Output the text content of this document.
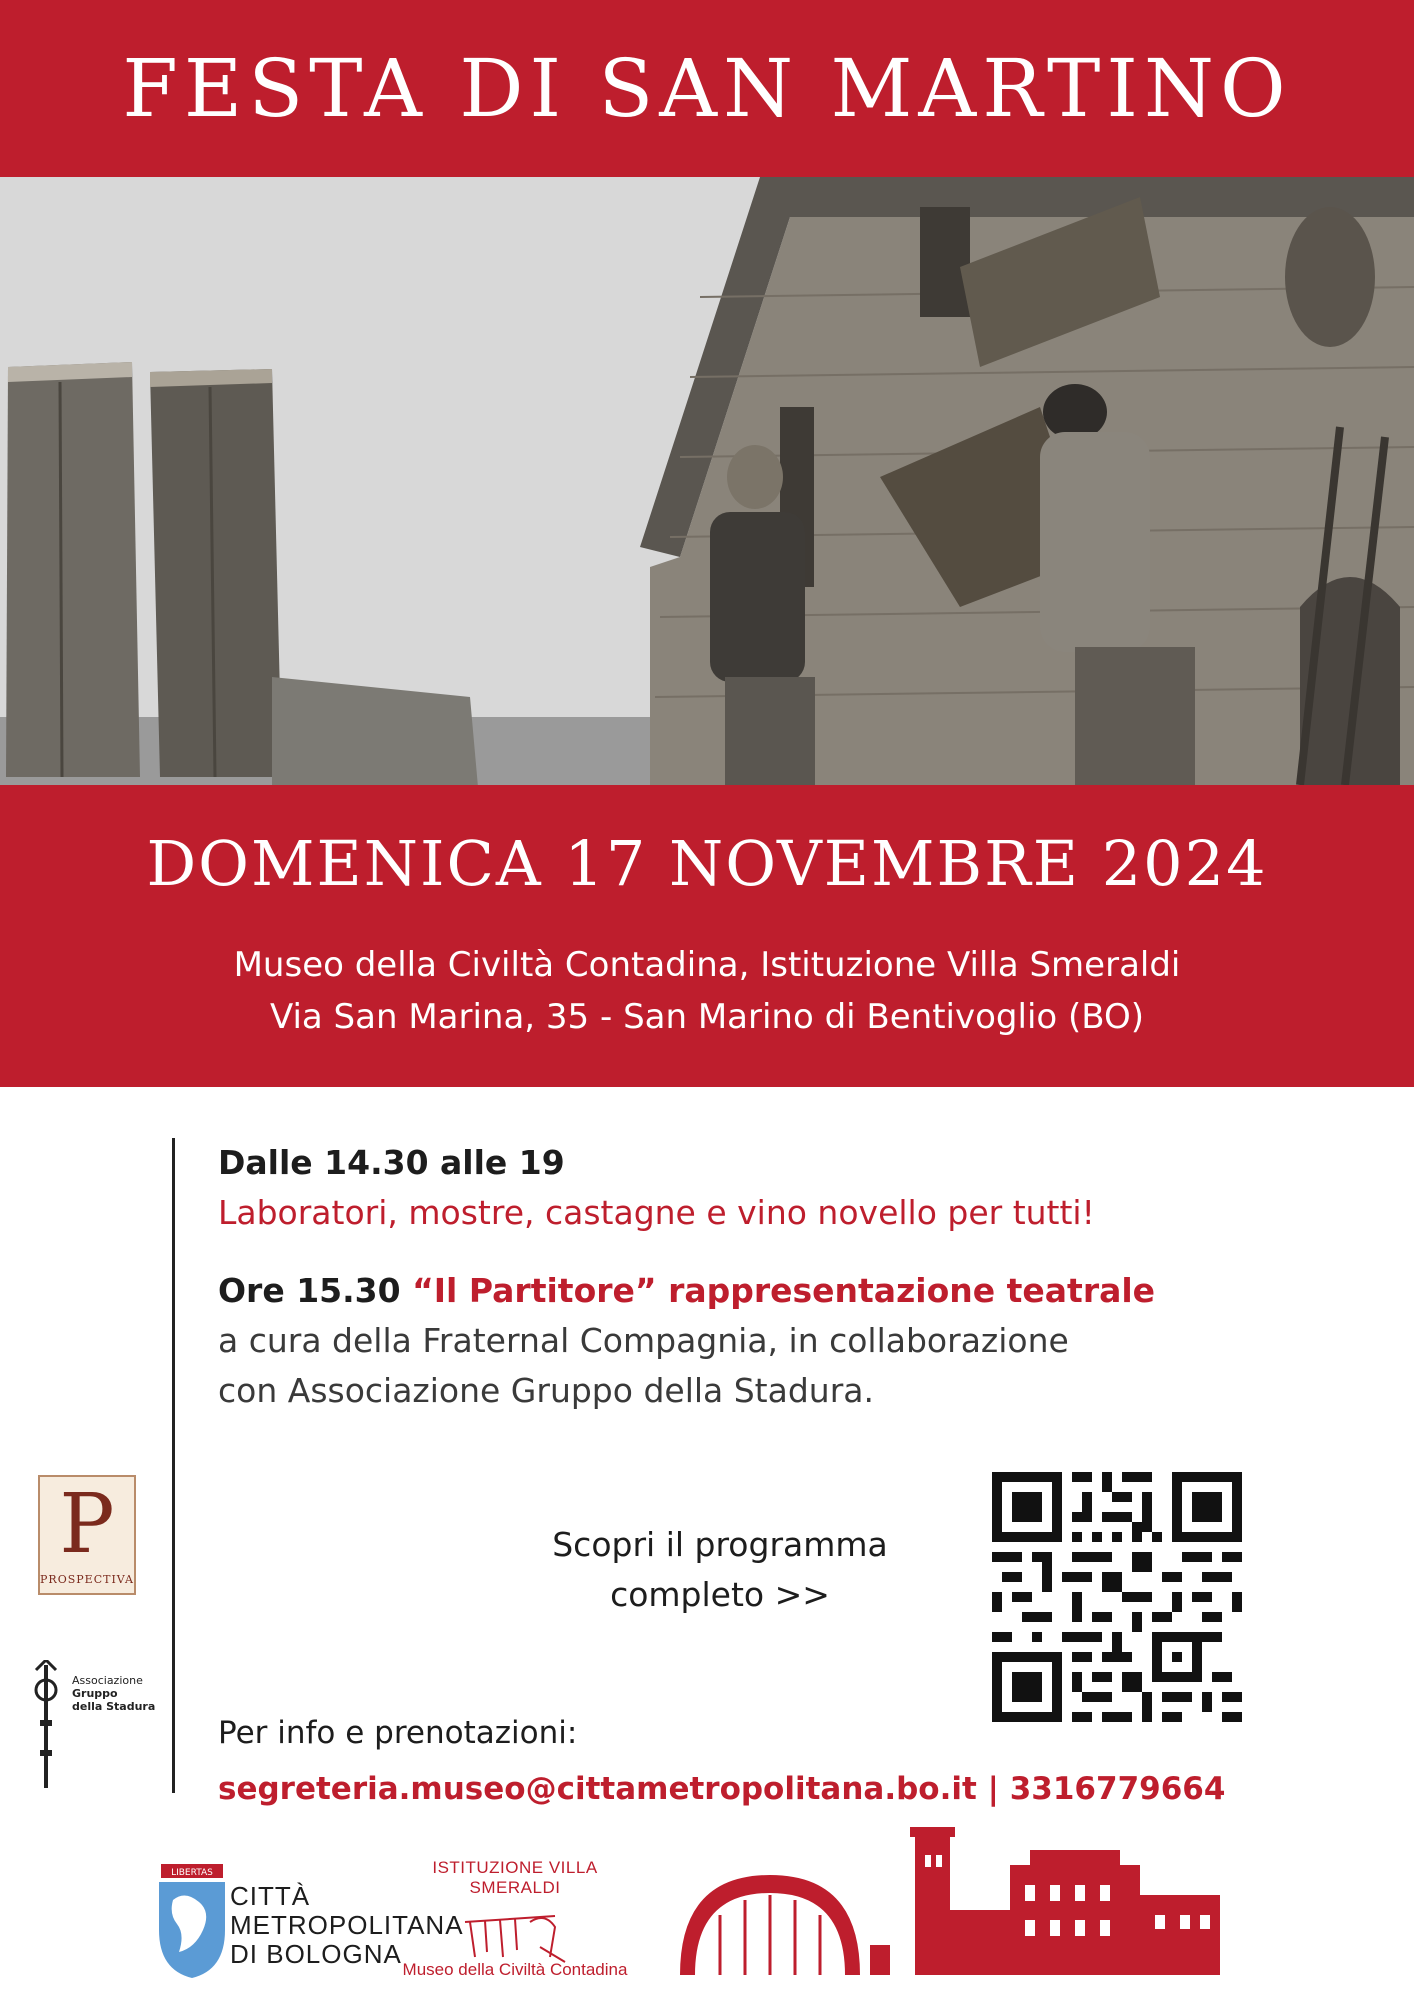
FESTA DI SAN MARTINO
DOMENICA 17 NOVEMBRE 2024
Museo della Civiltà Contadina, Istituzione Villa Smeraldi
Via San Marina, 35 - San Marino di Bentivoglio (BO)
Dalle 14.30 alle 19
Laboratori, mostre, castagne e vino novello per tutti!
Ore 15.30 “Il Partitore” rappresentazione teatrale
a cura della Fraternal Compagnia, in collaborazione
con Associazione Gruppo della Stadura.
Scopri il programma
completo >>
Per info e prenotazioni:
segreteria.museo@cittametropolitana.bo.it | 3316779664
P
PROSPECTIVA
Associazione
Gruppo
della Stadura
LIBERTAS
CITTÀ
METROPOLITANA
DI BOLOGNA
ISTITUZIONE VILLA SMERALDI
Museo della Civiltà Contadina
